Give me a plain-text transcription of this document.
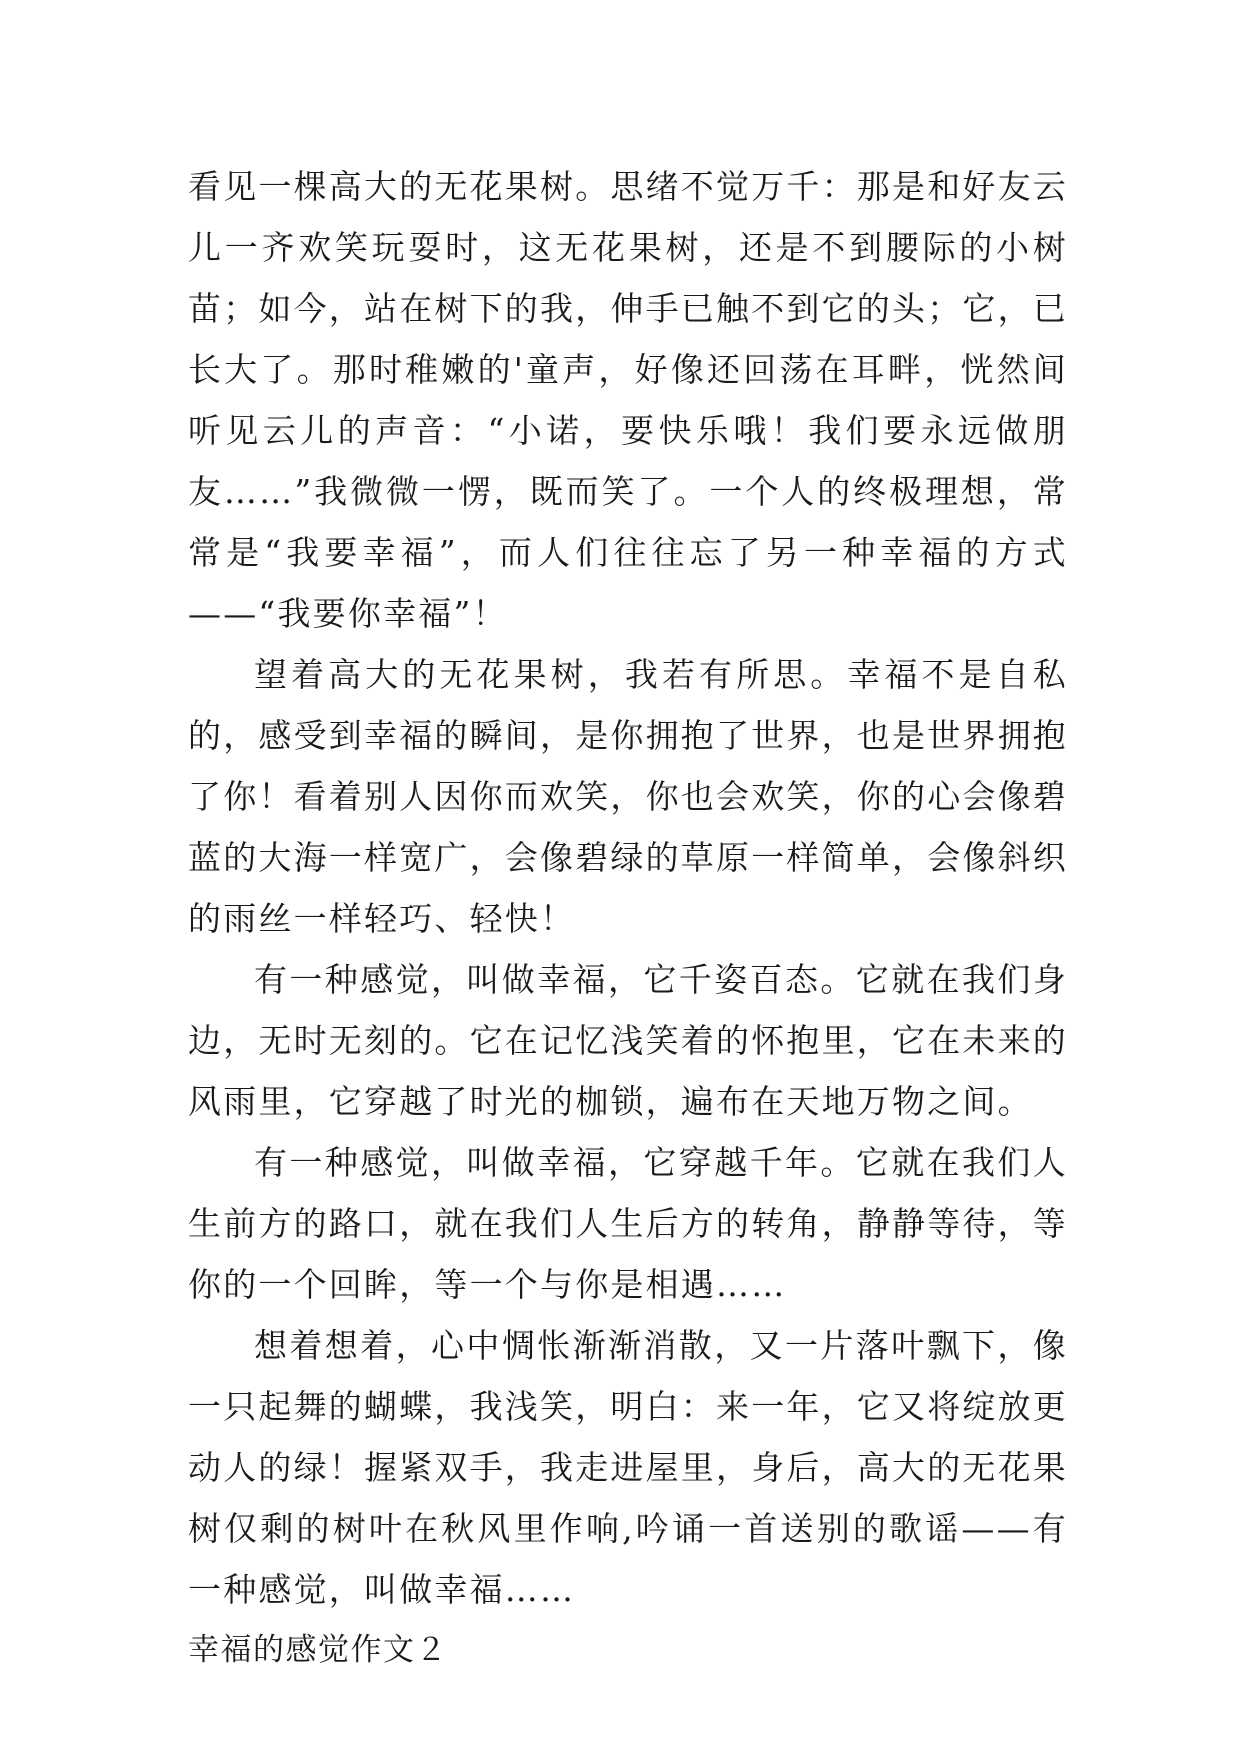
看见一棵高大的无花果树。思绪不觉万千：那是和好友云儿一齐欢笑玩耍时，这无花果树，还是不到腰际的小树苗；如今，站在树下的我，伸手已触不到它的头；它，已长大了。那时稚嫩的'童声，好像还回荡在耳畔，恍然间听见云儿的声音：“小诺，要快乐哦！我们要永远做朋友……”我微微一愣，既而笑了。一个人的终极理想，常常是“我要幸福”，而人们往往忘了另一种幸福的方式——“我要你幸福”！

望着高大的无花果树，我若有所思。幸福不是自私的，感受到幸福的瞬间，是你拥抱了世界，也是世界拥抱了你！看着别人因你而欢笑，你也会欢笑，你的心会像碧蓝的大海一样宽广，会像碧绿的草原一样简单，会像斜织的雨丝一样轻巧、轻快！

有一种感觉，叫做幸福，它千姿百态。它就在我们身边，无时无刻的。它在记忆浅笑着的怀抱里，它在未来的风雨里，它穿越了时光的枷锁，遍布在天地万物之间。

有一种感觉，叫做幸福，它穿越千年。它就在我们人生前方的路口，就在我们人生后方的转角，静静等待，等你的一个回眸，等一个与你是相遇……

想着想着，心中惆怅渐渐消散，又一片落叶飘下，像一只起舞的蝴蝶，我浅笑，明白：来一年，它又将绽放更动人的绿！握紧双手，我走进屋里，身后，高大的无花果树仅剩的树叶在秋风里作响,吟诵一首送别的歌谣——有一种感觉，叫做幸福……

幸福的感觉作文２
